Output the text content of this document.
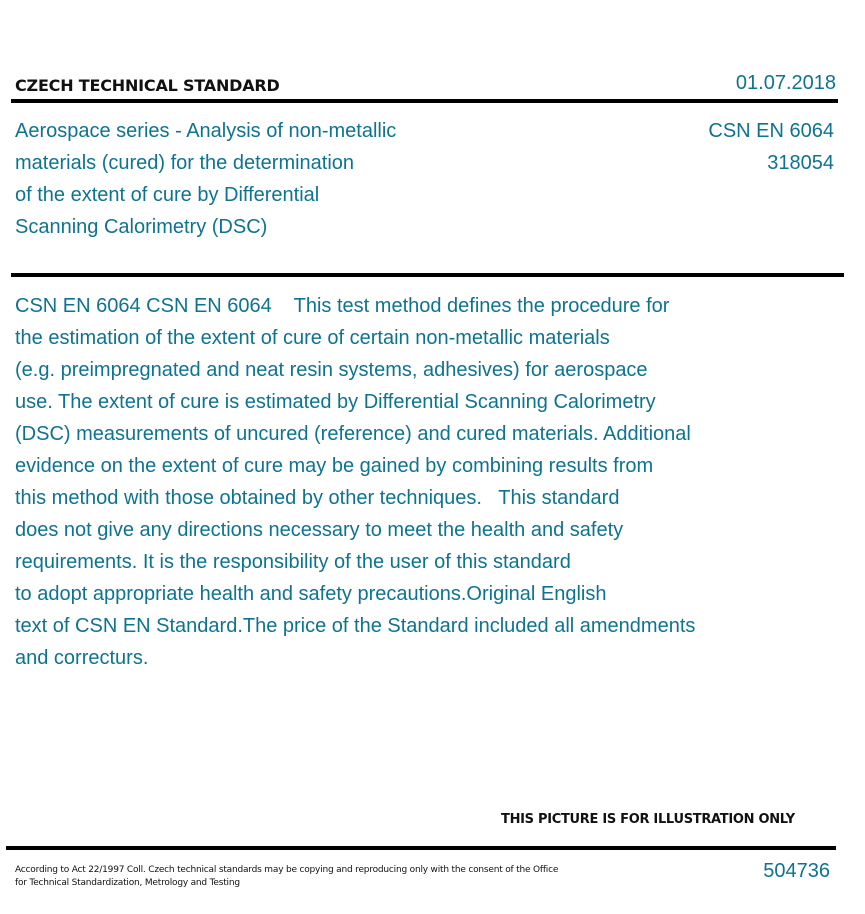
CZECH TECHNICAL STANDARD	01.07.2018
Aerospace series - Analysis of non-metallic
materials (cured) for the determination
of the extent of cure by Differential
Scanning Calorimetry (DSC)
CSN EN 6064
318054
CSN EN 6064 CSN EN 6064    This test method defines the procedure for
the estimation of the extent of cure of certain non-metallic materials
(e.g. preimpregnated and neat resin systems, adhesives) for aerospace
use. The extent of cure is estimated by Differential Scanning Calorimetry
(DSC) measurements of uncured (reference) and cured materials. Additional
evidence on the extent of cure may be gained by combining results from
this method with those obtained by other techniques.   This standard
does not give any directions necessary to meet the health and safety
requirements. It is the responsibility of the user of this standard
to adopt appropriate health and safety precautions.Original English
text of CSN EN Standard.The price of the Standard included all amendments
and correcturs.
THIS PICTURE IS FOR ILLUSTRATION ONLY
According to Act 22/1997 Coll. Czech technical standards may be copying and reproducing only with the consent of the Office
for Technical Standardization, Metrology and Testing
504736
